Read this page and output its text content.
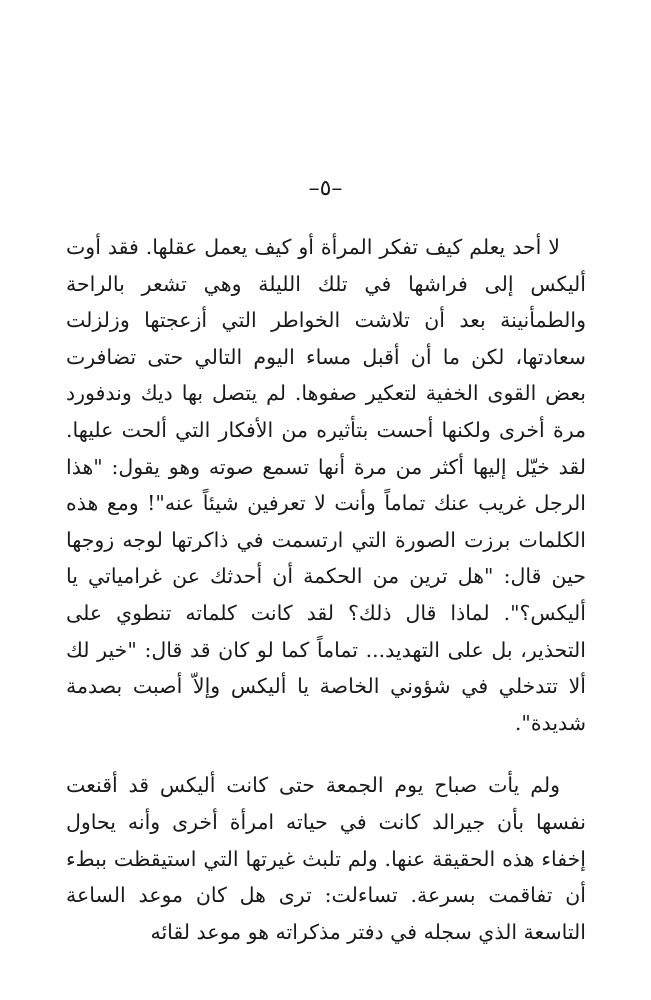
–٥–

لا أحد يعلم كيف تفكر المرأة أو كيف يعمل عقلها. فقد أوت أليكس إلى فراشها في تلك الليلة وهي تشعر بالراحة والطمأنينة بعد أن تلاشت الخواطر التي أزعجتها وزلزلت سعادتها، لكن ما أن أقبل مساء اليوم التالي حتى تضافرت بعض القوى الخفية لتعكير صفوها. لم يتصل بها ديك وندفورد مرة أخرى ولكنها أحست بتأثيره من الأفكار التي ألحت عليها. لقد خيّل إليها أكثر من مرة أنها تسمع صوته وهو يقول: "هذا الرجل غريب عنك تماماً وأنت لا تعرفين شيئاً عنه"! ومع هذه الكلمات برزت الصورة التي ارتسمت في ذاكرتها لوجه زوجها حين قال: "هل ترين من الحكمة أن أحدثك عن غرامياتي يا أليكس؟". لماذا قال ذلك؟ لقد كانت كلماته تنطوي على التحذير، بل على التهديد... تماماً كما لو كان قد قال: "خير لك ألا تتدخلي في شؤوني الخاصة يا أليكس وإلاّ أصبت بصدمة شديدة".

ولم يأت صباح يوم الجمعة حتى كانت أليكس قد أقنعت نفسها بأن جيرالد كانت في حياته امرأة أخرى وأنه يحاول إخفاء هذه الحقيقة عنها. ولم تلبث غيرتها التي استيقظت ببطء أن تفاقمت بسرعة. تساءلت: ترى هل كان موعد الساعة التاسعة الذي سجله في دفتر مذكراته هو موعد لقائه
